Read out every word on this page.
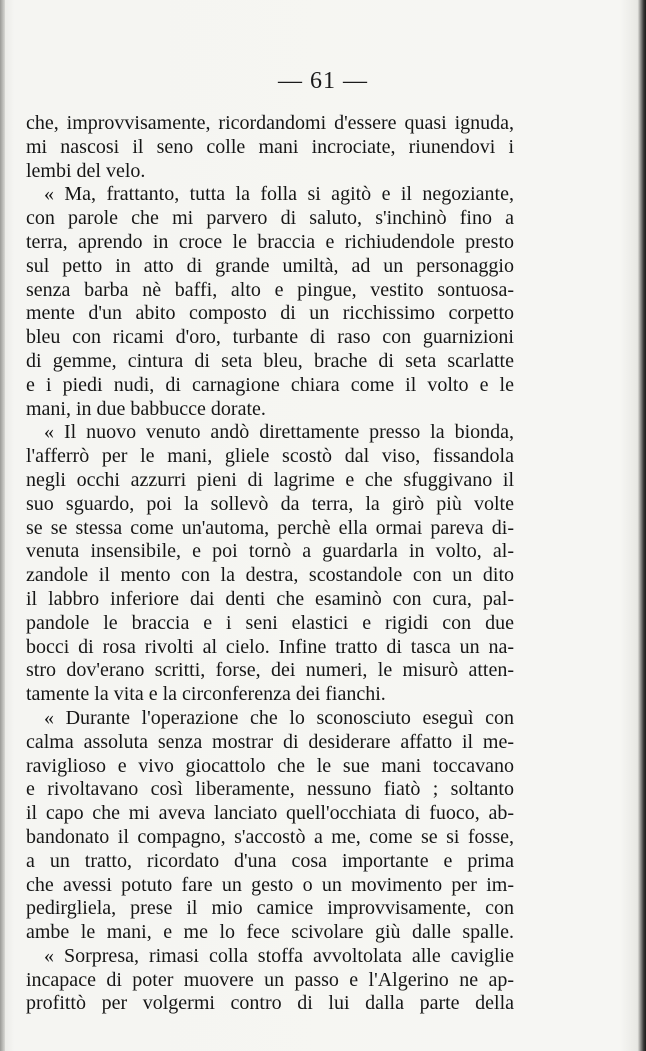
— 61 —
che, improvvisamente, ricordandomi d'essere quasi ignuda,
mi nascosi il seno colle mani incrociate, riunendovi i
lembi del velo.
« Ma, frattanto, tutta la folla si agitò e il negoziante,
con parole che mi parvero di saluto, s'inchinò fino a
terra, aprendo in croce le braccia e richiudendole presto
sul petto in atto di grande umiltà, ad un personaggio
senza barba nè baffi, alto e pingue, vestito sontuosa-
mente d'un abito composto di un ricchissimo corpetto
bleu con ricami d'oro, turbante di raso con guarnizioni
di gemme, cintura di seta bleu, brache di seta scarlatte
e i piedi nudi, di carnagione chiara come il volto e le
mani, in due babbucce dorate.
« Il nuovo venuto andò direttamente presso la bionda,
l'afferrò per le mani, gliele scostò dal viso, fissandola
negli occhi azzurri pieni di lagrime e che sfuggivano il
suo sguardo, poi la sollevò da terra, la girò più volte
se se stessa come un'automa, perchè ella ormai pareva di-
venuta insensibile, e poi tornò a guardarla in volto, al-
zandole il mento con la destra, scostandole con un dito
il labbro inferiore dai denti che esaminò con cura, pal-
pandole le braccia e i seni elastici e rigidi con due
bocci di rosa rivolti al cielo. Infine tratto di tasca un na-
stro dov'erano scritti, forse, dei numeri, le misurò atten-
tamente la vita e la circonferenza dei fianchi.
« Durante l'operazione che lo sconosciuto eseguì con
calma assoluta senza mostrar di desiderare affatto il me-
raviglioso e vivo giocattolo che le sue mani toccavano
e rivoltavano così liberamente, nessuno fiatò ; soltanto
il capo che mi aveva lanciato quell'occhiata di fuoco, ab-
bandonato il compagno, s'accostò a me, come se si fosse,
a un tratto, ricordato d'una cosa importante e prima
che avessi potuto fare un gesto o un movimento per im-
pedirgliela, prese il mio camice improvvisamente, con
ambe le mani, e me lo fece scivolare giù dalle spalle.
« Sorpresa, rimasi colla stoffa avvoltolata alle caviglie
incapace di poter muovere un passo e l'Algerino ne ap-
profittò per volgermi contro di lui dalla parte della
